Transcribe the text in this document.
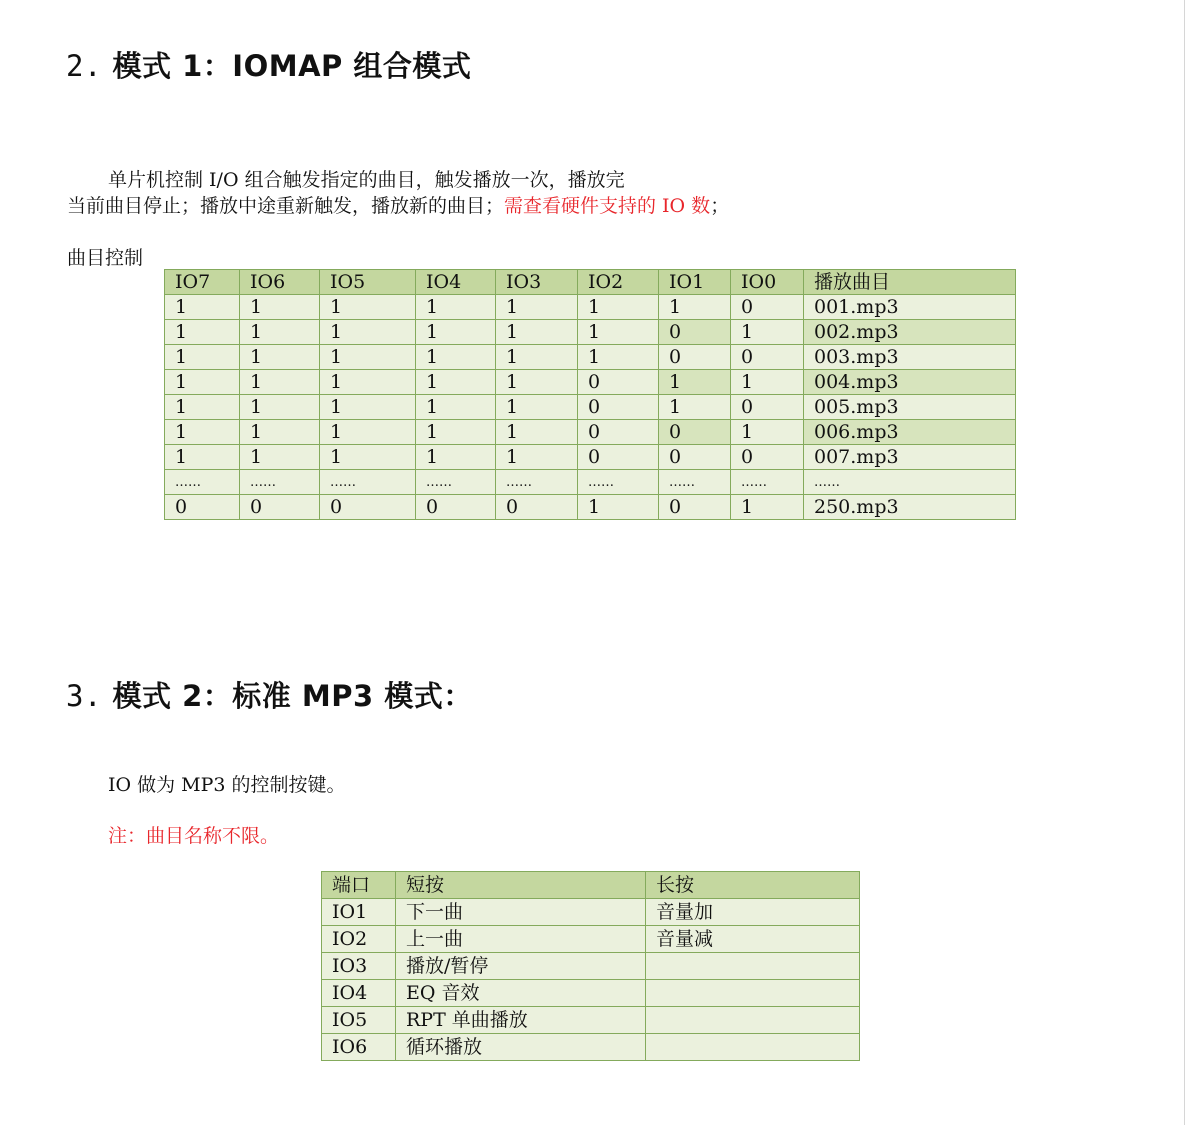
2. 模式 1：IOMAP 组合模式

单片机控制 I/O 组合触发指定的曲目，触发播放一次，播放完

当前曲目停止；播放中途重新触发，播放新的曲目；需查看硬件支持的 IO 数；

曲目控制

IO7	IO6	IO5	IO4	IO3	IO2	IO1	IO0	播放曲目
1	1	1	1	1	1	1	0	001.mp3
1	1	1	1	1	1	0	1	002.mp3
1	1	1	1	1	1	0	0	003.mp3
1	1	1	1	1	0	1	1	004.mp3
1	1	1	1	1	0	1	0	005.mp3
1	1	1	1	1	0	0	1	006.mp3
1	1	1	1	1	0	0	0	007.mp3
……	……	……	……	……	……	……	……	……
0	0	0	0	0	1	0	1	250.mp3
3. 模式 2：标准 MP3 模式：

IO 做为 MP3 的控制按键。

注：曲目名称不限。

端口	短按	长按
IO1	下一曲	音量加
IO2	上一曲	音量减
IO3	播放/暂停	
IO4	EQ 音效	
IO5	RPT 单曲播放	
IO6	循环播放	
